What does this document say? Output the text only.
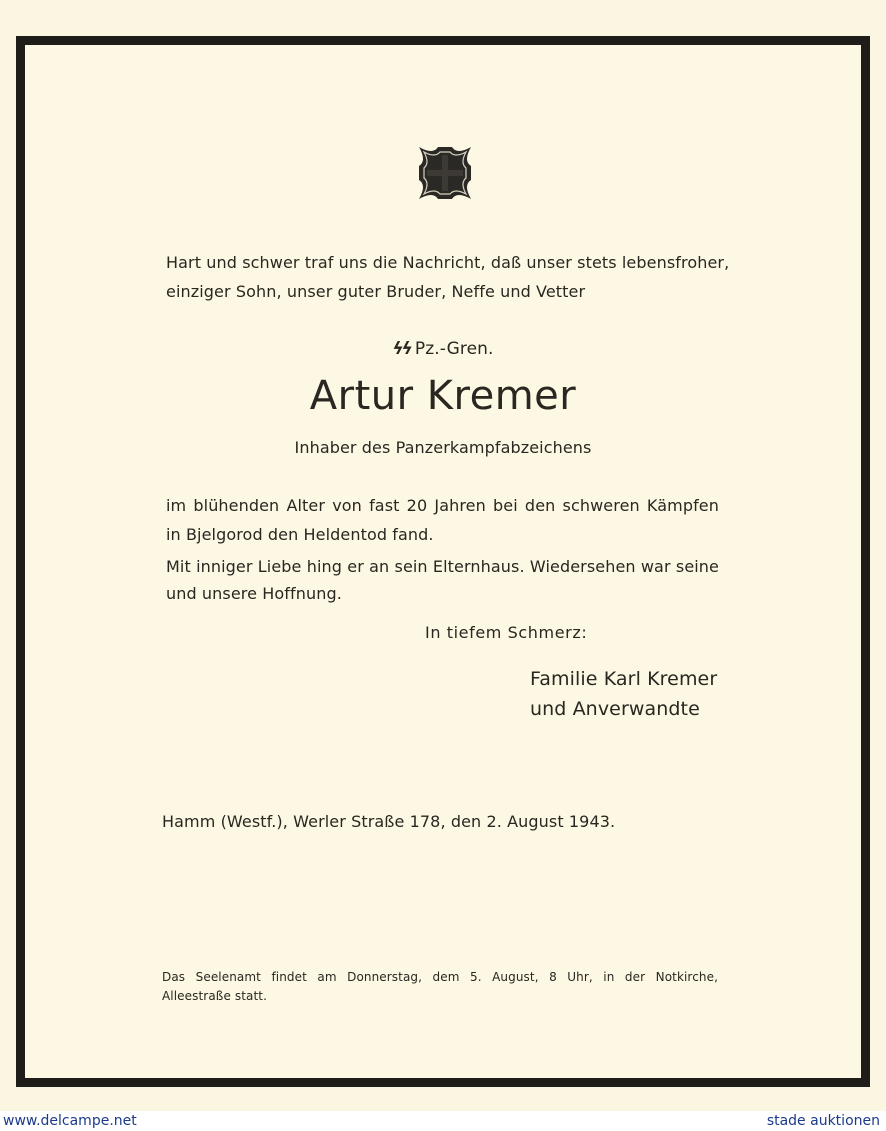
Hart und schwer traf uns die Nachricht, daß unser stets lebensfroher,
einziger Sohn, unser guter Bruder, Neffe und Vetter
ϟϟ Pz.-Gren.
Artur Kremer
Inhaber des Panzerkampfabzeichens
im blühenden Alter von fast 20 Jahren bei den schweren Kämpfen
in Bjelgorod den Heldentod fand.
Mit inniger Liebe hing er an sein Elternhaus. Wiedersehen war seine
und unsere Hoffnung.
In tiefem Schmerz:
Familie Karl Kremer
und Anverwandte
Hamm (Westf.), Werler Straße 178, den 2. August 1943.
Das Seelenamt findet am Donnerstag, dem 5. August, 8 Uhr, in der Notkirche,
Alleestraße statt.
www.delcampe.net	stade auktionen
